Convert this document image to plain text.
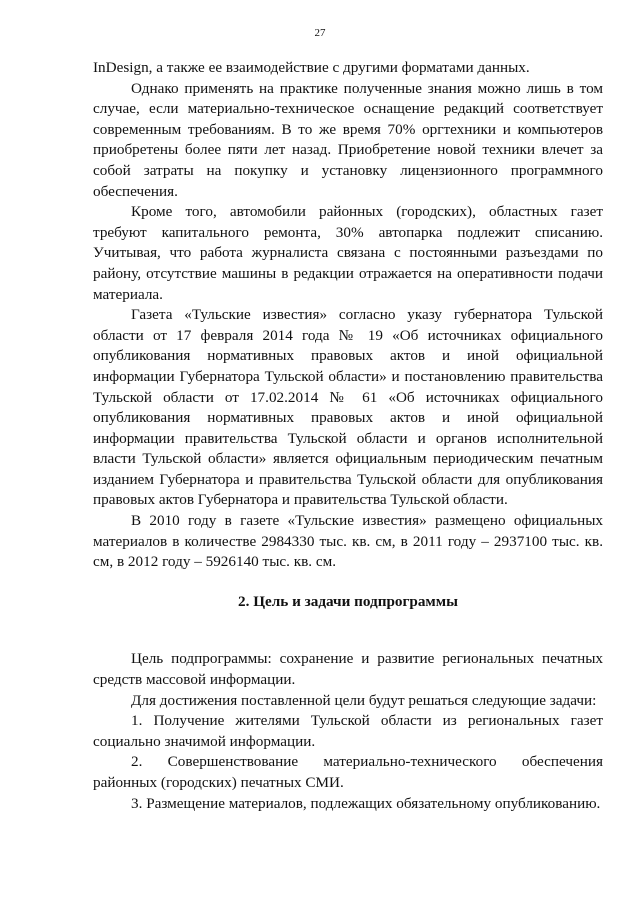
27

InDesign, а также ее взаимодействие с другими форматами данных.

Однако применять на практике полученные знания можно лишь в том случае, если материально-техническое оснащение редакций соответствует современным требованиям. В то же время 70% оргтехники и компьютеров приобретены более пяти лет назад. Приобретение новой техники влечет за собой затраты на покупку и установку лицензионного программного обеспечения.

Кроме того, автомобили районных (городских), областных газет требуют капитального ремонта, 30% автопарка подлежит списанию. Учитывая, что работа журналиста связана с постоянными разъездами по району, отсутствие машины в редакции отражается на оперативности подачи материала.

Газета «Тульские известия» согласно указу губернатора Тульской области от 17 февраля 2014 года № 19 «Об источниках официального опубликования нормативных правовых актов и иной официальной информации Губернатора Тульской области» и постановлению правительства Тульской области от 17.02.2014 № 61 «Об источниках официального опубликования нормативных правовых актов и иной официальной информации правительства Тульской области и органов исполнительной власти Тульской области» является официальным периодическим печатным изданием Губернатора и правительства Тульской области для опубликования правовых актов Губернатора и правительства Тульской области.

В 2010 году в газете «Тульские известия» размещено официальных материалов в количестве 2984330 тыс. кв. см, в 2011 году – 2937100 тыс. кв. см, в 2012 году – 5926140 тыс. кв. см.

2. Цель и задачи подпрограммы

Цель подпрограммы: сохранение и развитие региональных печатных средств массовой информации.

Для достижения поставленной цели будут решаться следующие задачи:

1. Получение жителями Тульской области из региональных газет социально значимой информации.

2. Совершенствование материально-технического обеспечения районных (городских) печатных СМИ.

3. Размещение материалов, подлежащих обязательному опубликованию.
